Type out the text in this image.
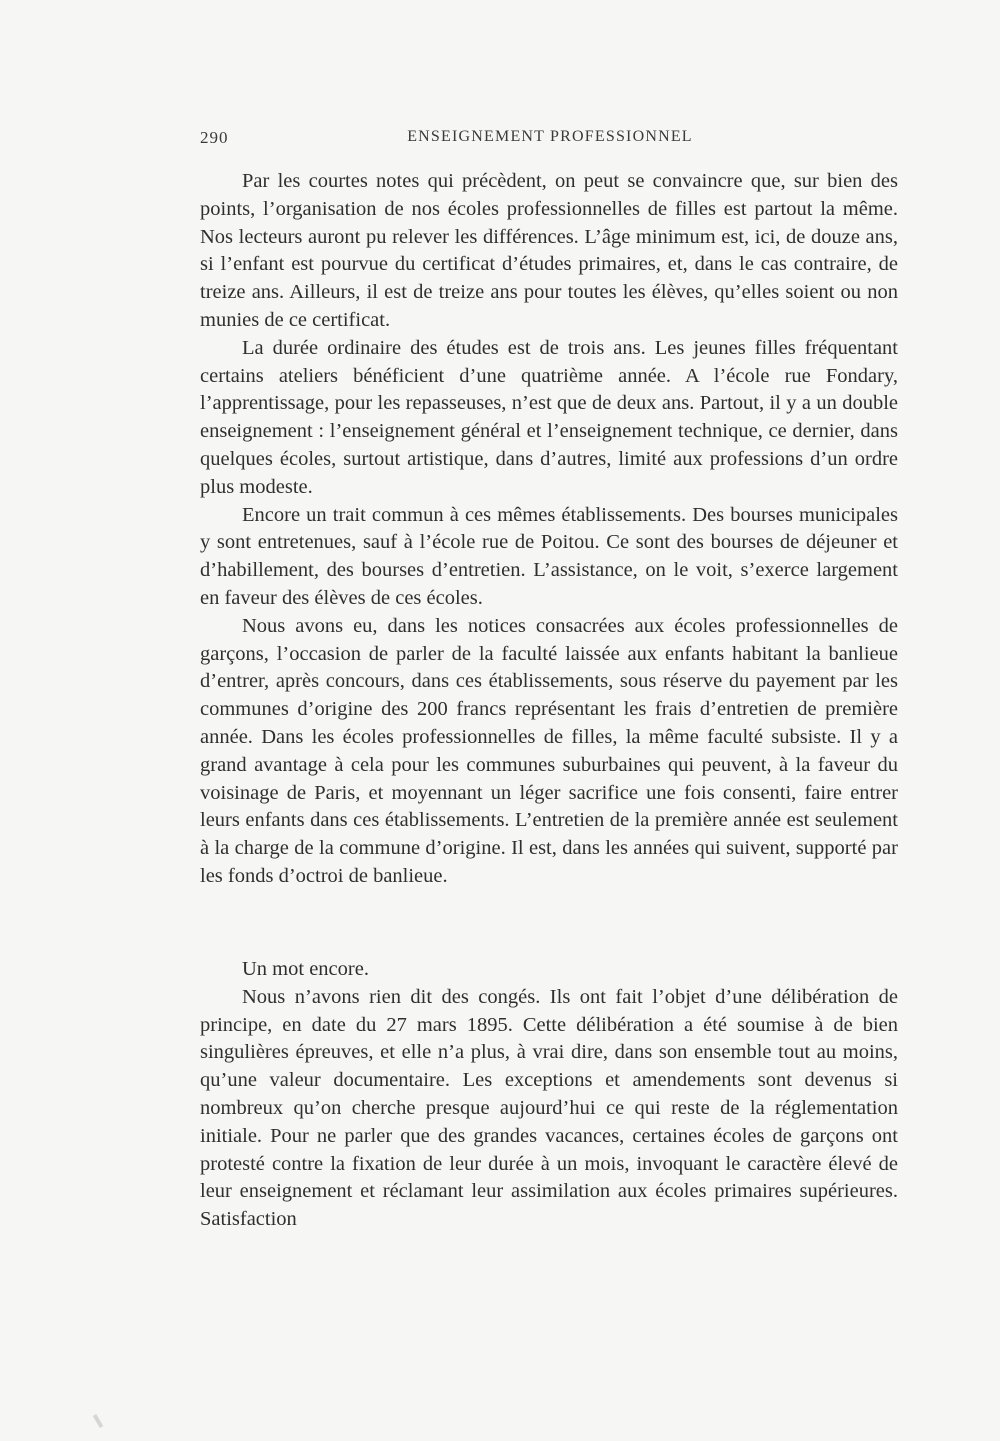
290	ENSEIGNEMENT PROFESSIONNEL

Par les courtes notes qui précèdent, on peut se convaincre que, sur bien des points, l’organisation de nos écoles professionnelles de filles est partout la même. Nos lecteurs auront pu relever les différences. L’âge minimum est, ici, de douze ans, si l’enfant est pourvue du certificat d’études primaires, et, dans le cas contraire, de treize ans. Ailleurs, il est de treize ans pour toutes les élèves, qu’elles soient ou non munies de ce certificat.

La durée ordinaire des études est de trois ans. Les jeunes filles fréquentant certains ateliers bénéficient d’une quatrième année. A l’école rue Fondary, l’apprentissage, pour les repasseuses, n’est que de deux ans. Partout, il y a un double enseignement : l’enseignement général et l’enseignement technique, ce dernier, dans quelques écoles, surtout artistique, dans d’autres, limité aux professions d’un ordre plus modeste.

Encore un trait commun à ces mêmes établissements. Des bourses municipales y sont entretenues, sauf à l’école rue de Poitou. Ce sont des bourses de déjeuner et d’habillement, des bourses d’entretien. L’assistance, on le voit, s’exerce largement en faveur des élèves de ces écoles.

Nous avons eu, dans les notices consacrées aux écoles professionnelles de garçons, l’occasion de parler de la faculté laissée aux enfants habitant la banlieue d’entrer, après concours, dans ces établissements, sous réserve du payement par les communes d’origine des 200 francs représentant les frais d’entretien de première année. Dans les écoles professionnelles de filles, la même faculté subsiste. Il y a grand avantage à cela pour les communes suburbaines qui peuvent, à la faveur du voisinage de Paris, et moyennant un léger sacrifice une fois consenti, faire entrer leurs enfants dans ces établissements. L’entretien de la première année est seulement à la charge de la commune d’origine. Il est, dans les années qui suivent, supporté par les fonds d’octroi de banlieue.

Un mot encore.

Nous n’avons rien dit des congés. Ils ont fait l’objet d’une délibération de principe, en date du 27 mars 1895. Cette délibération a été soumise à de bien singulières épreuves, et elle n’a plus, à vrai dire, dans son ensemble tout au moins, qu’une valeur documentaire. Les exceptions et amendements sont devenus si nombreux qu’on cherche presque aujourd’hui ce qui reste de la réglementation initiale. Pour ne parler que des grandes vacances, certaines écoles de garçons ont protesté contre la fixation de leur durée à un mois, invoquant le caractère élevé de leur enseignement et réclamant leur assimilation aux écoles primaires supérieures. Satisfaction
